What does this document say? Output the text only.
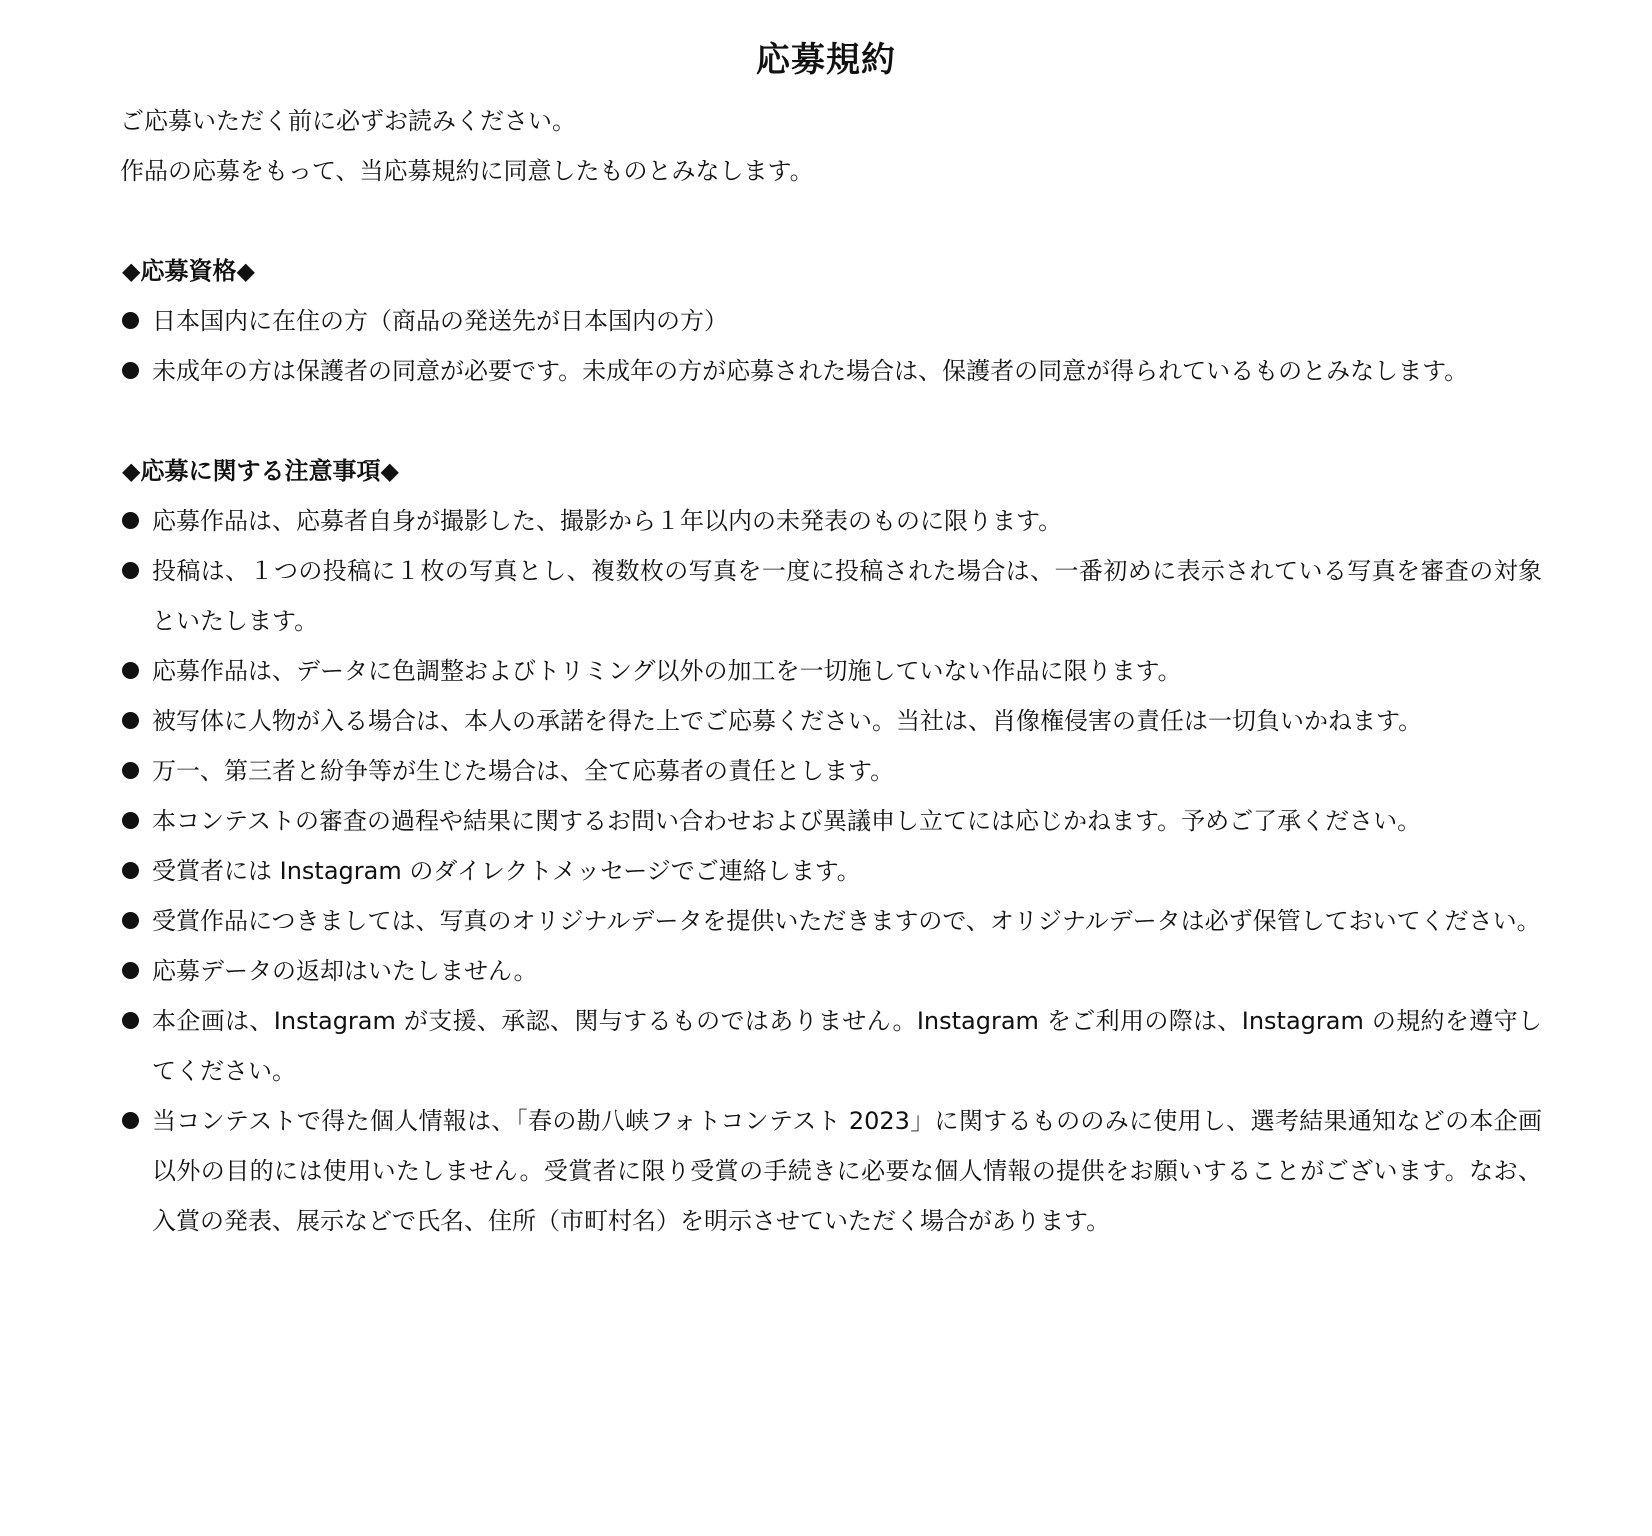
応募規約

ご応募いただく前に必ずお読みください。

作品の応募をもって、当応募規約に同意したものとみなします。

◆応募資格◆
日本国内に在住の方（商品の発送先が日本国内の方）
未成年の方は保護者の同意が必要です。未成年の方が応募された場合は、保護者の同意が得られているものとみなします。
◆応募に関する注意事項◆
応募作品は、応募者自身が撮影した、撮影から１年以内の未発表のものに限ります。
投稿は、１つの投稿に１枚の写真とし、複数枚の写真を一度に投稿された場合は、一番初めに表示されている写真を審査の対象といたします。
応募作品は、データに色調整およびトリミング以外の加工を一切施していない作品に限ります。
被写体に人物が入る場合は、本人の承諾を得た上でご応募ください。当社は、肖像権侵害の責任は一切負いかねます。
万一、第三者と紛争等が生じた場合は、全て応募者の責任とします。
本コンテストの審査の過程や結果に関するお問い合わせおよび異議申し立てには応じかねます。予めご了承ください。
受賞者には Instagram のダイレクトメッセージでご連絡します。
受賞作品につきましては、写真のオリジナルデータを提供いただきますので、オリジナルデータは必ず保管しておいてください。
応募データの返却はいたしません。
本企画は、Instagram が支援、承認、関与するものではありません。Instagram をご利用の際は、Instagram の規約を遵守してください。
当コンテストで得た個人情報は、「春の勘八峡フォトコンテスト 2023」に関するもののみに使用し、選考結果通知などの本企画以外の目的には使用いたしません。受賞者に限り受賞の手続きに必要な個人情報の提供をお願いすることがございます。なお、入賞の発表、展示などで氏名、住所（市町村名）を明示させていただく場合があります。
